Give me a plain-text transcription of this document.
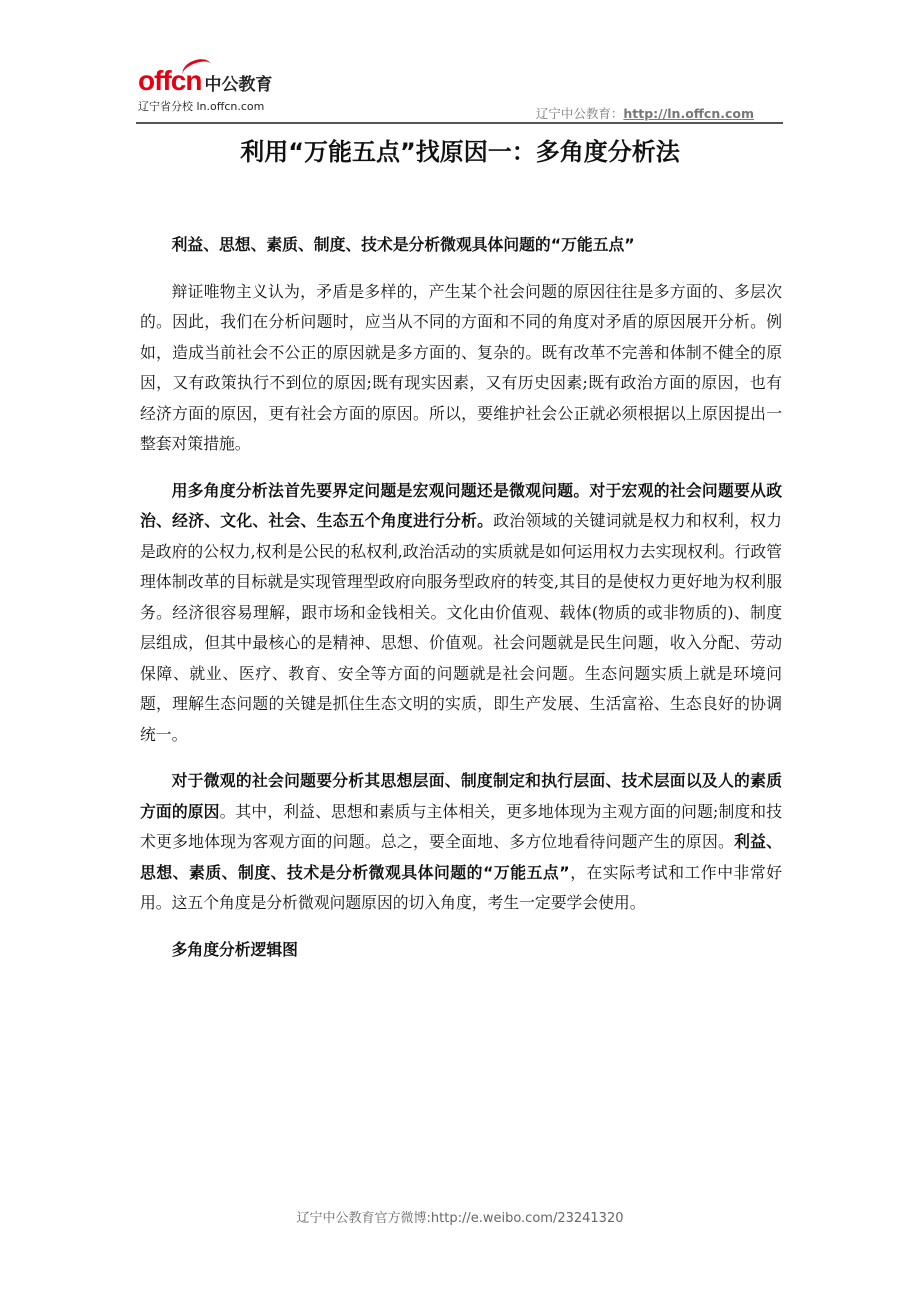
offcn 中公教育
辽宁省分校 ln.offcn.com	辽宁中公教育：http://ln.offcn.com
利用“万能五点”找原因一：多角度分析法

利益、思想、素质、制度、技术是分析微观具体问题的“万能五点”

辩证唯物主义认为，矛盾是多样的，产生某个社会问题的原因往往是多方面的、多层次的。因此，我们在分析问题时，应当从不同的方面和不同的角度对矛盾的原因展开分析。例如，造成当前社会不公正的原因就是多方面的、复杂的。既有改革不完善和体制不健全的原因，又有政策执行不到位的原因;既有现实因素，又有历史因素;既有政治方面的原因，也有经济方面的原因，更有社会方面的原因。所以，要维护社会公正就必须根据以上原因提出一整套对策措施。

用多角度分析法首先要界定问题是宏观问题还是微观问题。对于宏观的社会问题要从政治、经济、文化、社会、生态五个角度进行分析。政治领域的关键词就是权力和权利，权力是政府的公权力,权利是公民的私权利,政治活动的实质就是如何运用权力去实现权利。行政管理体制改革的目标就是实现管理型政府向服务型政府的转变,其目的是使权力更好地为权利服务。经济很容易理解，跟市场和金钱相关。文化由价值观、载体(物质的或非物质的)、制度层组成，但其中最核心的是精神、思想、价值观。社会问题就是民生问题，收入分配、劳动保障、就业、医疗、教育、安全等方面的问题就是社会问题。生态问题实质上就是环境问题，理解生态问题的关键是抓住生态文明的实质，即生产发展、生活富裕、生态良好的协调统一。

对于微观的社会问题要分析其思想层面、制度制定和执行层面、技术层面以及人的素质方面的原因。其中，利益、思想和素质与主体相关，更多地体现为主观方面的问题;制度和技术更多地体现为客观方面的问题。总之，要全面地、多方位地看待问题产生的原因。利益、思想、素质、制度、技术是分析微观具体问题的“万能五点”，在实际考试和工作中非常好用。这五个角度是分析微观问题原因的切入角度，考生一定要学会使用。

多角度分析逻辑图

辽宁中公教育官方微博:http://e.weibo.com/23241320
